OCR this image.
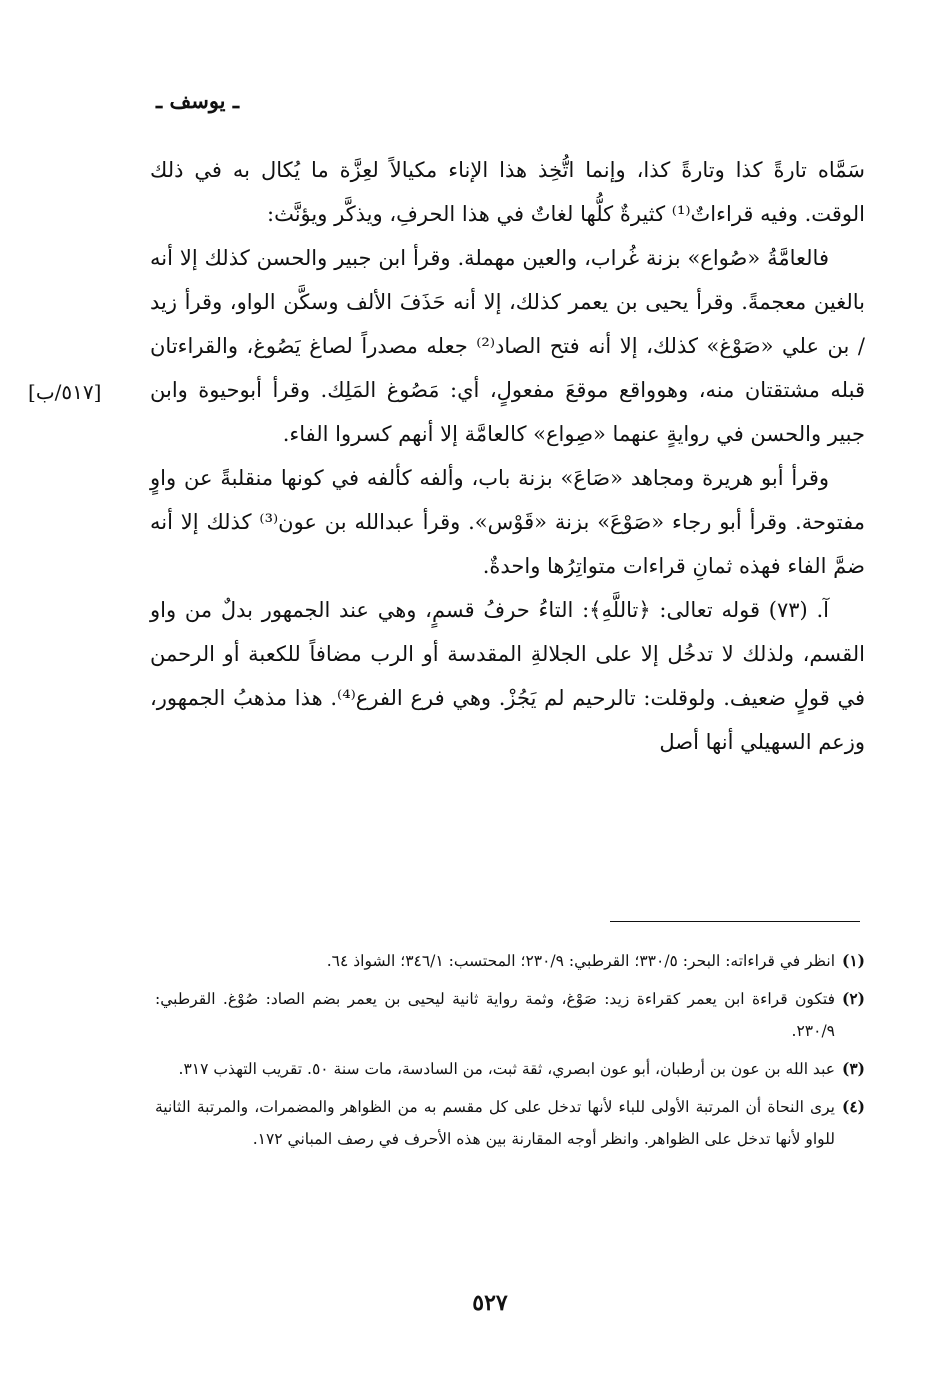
ـ يوسف ـ
[٥١٧/ب]

سَمَّاه تارةً كذا وتارةً كذا، وإنما اتُّخِذ هذا الإناء مكيالاً لعِزَّة ما يُكال به في ذلك الوقت. وفيه قراءاتٌ⁽¹⁾ كثيرةٌ كلُّها لغاتٌ في هذا الحرفِ، ويذكَّر ويؤنَّث:

فالعامَّةُ «صُواع» بزنة غُراب، والعين مهملة. وقرأ ابن جبير والحسن كذلك إلا أنه بالغين معجمةً. وقرأ يحيى بن يعمر كذلك، إلا أنه حَذَفَ الألف وسكَّن الواو، وقرأ زيد / بن علي «صَوْغ» كذلك، إلا أنه فتح الصاد⁽²⁾ جعله مصدراً لصاغ يَصُوغ، والقراءتان قبله مشتقتان منه، وهوواقع موقعَ مفعولٍ، أي: مَصُوغ المَلِك. وقرأ أبوحيوة وابن جبير والحسن في روايةٍ عنهما «صِواع» كالعامَّة إلا أنهم كسروا الفاء.

وقرأ أبو هريرة ومجاهد «صَاعَ» بزنة باب، وألفه كألفه في كونها منقلبةً عن واوٍ مفتوحة. وقرأ أبو رجاء «صَوْعَ» بزنة «قَوْس». وقرأ عبدالله بن عون⁽³⁾ كذلك إلا أنه ضمَّ الفاء فهذه ثمانِ قراءات متواتِرُها واحدةٌ.

آ. (٧٣) قوله تعالى: ﴿تاللَّهِ﴾: التاءُ حرفُ قسمٍ، وهي عند الجمهور بدلٌ من واو القسم، ولذلك لا تدخُل إلا على الجلالةِ المقدسة أو الرب مضافاً للكعبة أو الرحمن في قولٍ ضعيف. ولوقلت: تالرحيم لم يَجُزْ. وهي فرع الفرع⁽⁴⁾. هذا مذهبُ الجمهور، وزعم السهيلي أنها أصل

(١)
انظر في قراءاته: البحر: ٣٣٠/٥؛ القرطبي: ٢٣٠/٩؛ المحتسب: ٣٤٦/١؛ الشواذ ٦٤.
(٢)
فتكون قراءة ابن يعمر كقراءة زيد: صَوْغ، وثمة رواية ثانية ليحيى بن يعمر بضم الصاد: صُوْغ. القرطبي: ٢٣٠/٩.
(٣)
عبد الله بن عون بن أرطبان، أبو عون ابصري، ثقة ثبت، من السادسة، مات سنة ٥٠. تقريب التهذب ٣١٧.
(٤)
يرى النحاة أن المرتبة الأولى للباء لأنها تدخل على كل مقسم به من الظواهر والمضمرات، والمرتبة الثانية للواو لأنها تدخل على الظواهر. وانظر أوجه المقارنة بين هذه الأحرف في رصف المباني ١٧٢.
٥٢٧
